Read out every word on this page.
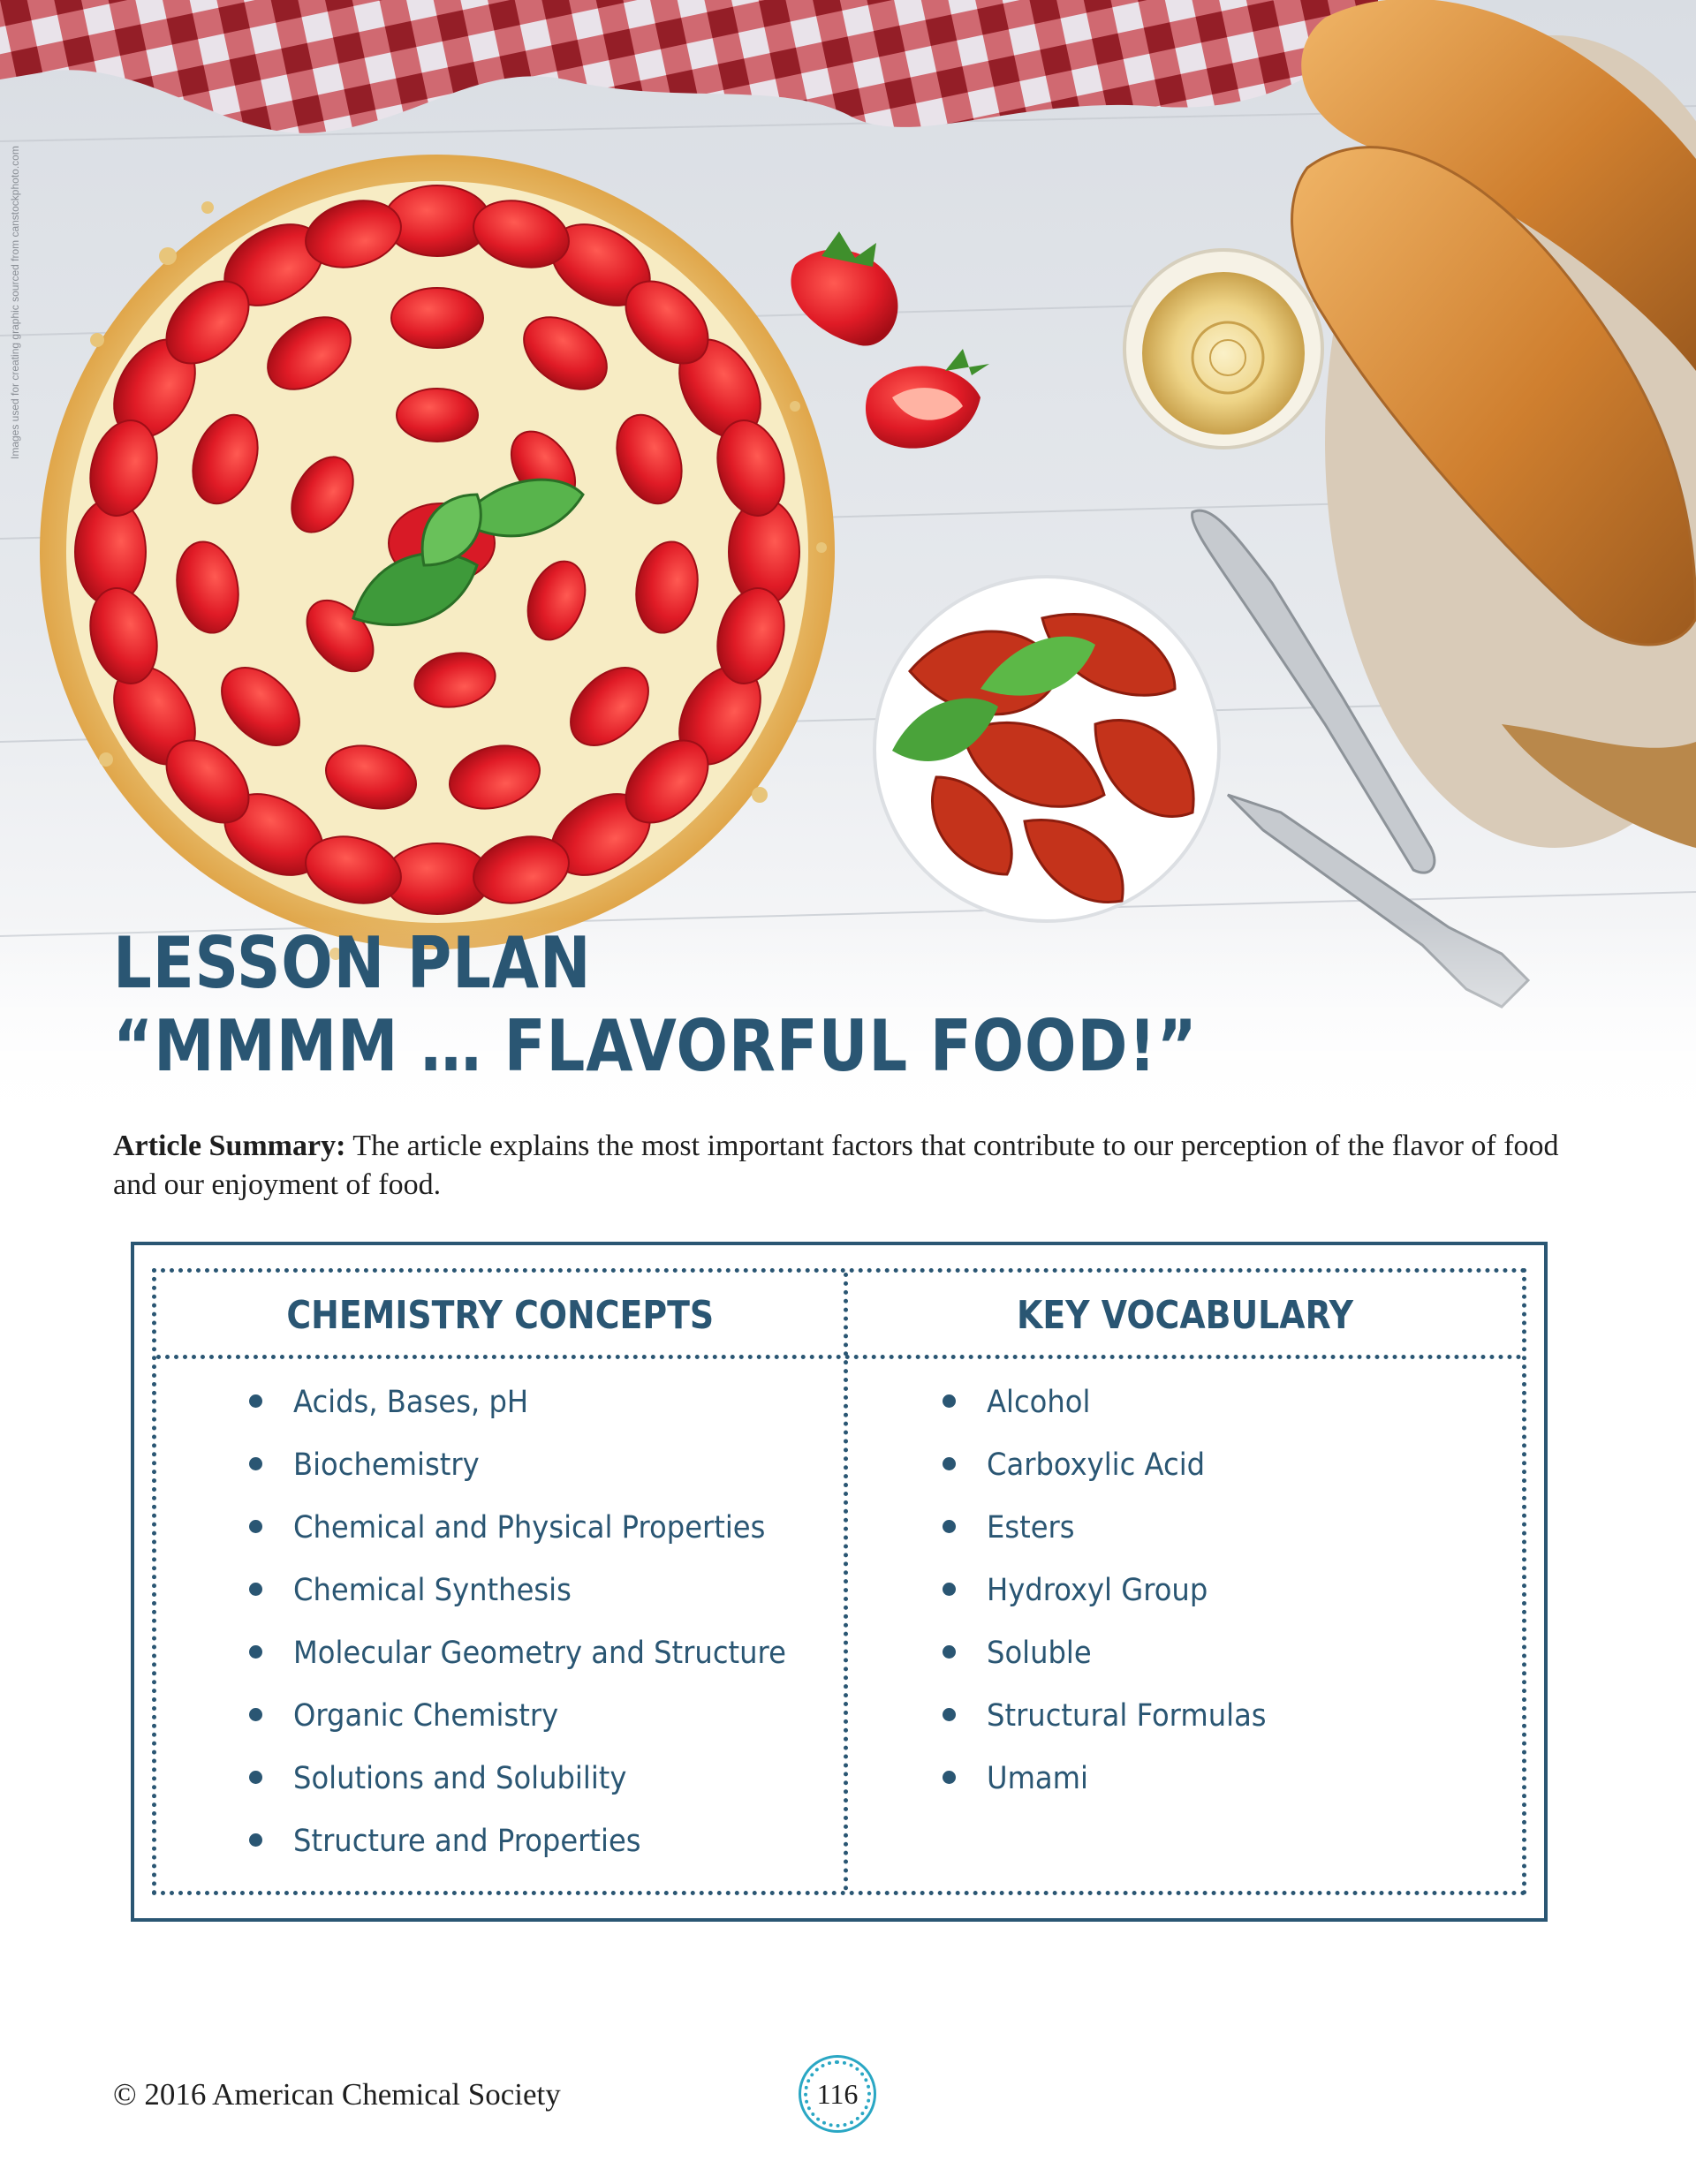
Images used for creating graphic sourced from canstockphoto.com
LESSON PLAN
“MMMM … FLAVORFUL FOOD!”
Article Summary: The article explains the most important factors that contribute to our perception of the flavor of food and our enjoyment of food.
CHEMISTRY CONCEPTS	KEY VOCABULARY
Acids, Bases, pH
Biochemistry
Chemical and Physical Properties
Chemical Synthesis
Molecular Geometry and Structure
Organic Chemistry
Solutions and Solubility
Structure and Properties
Alcohol
Carboxylic Acid
Esters
Hydroxyl Group
Soluble
Structural Formulas
Umami
© 2016 American Chemical Society	116
